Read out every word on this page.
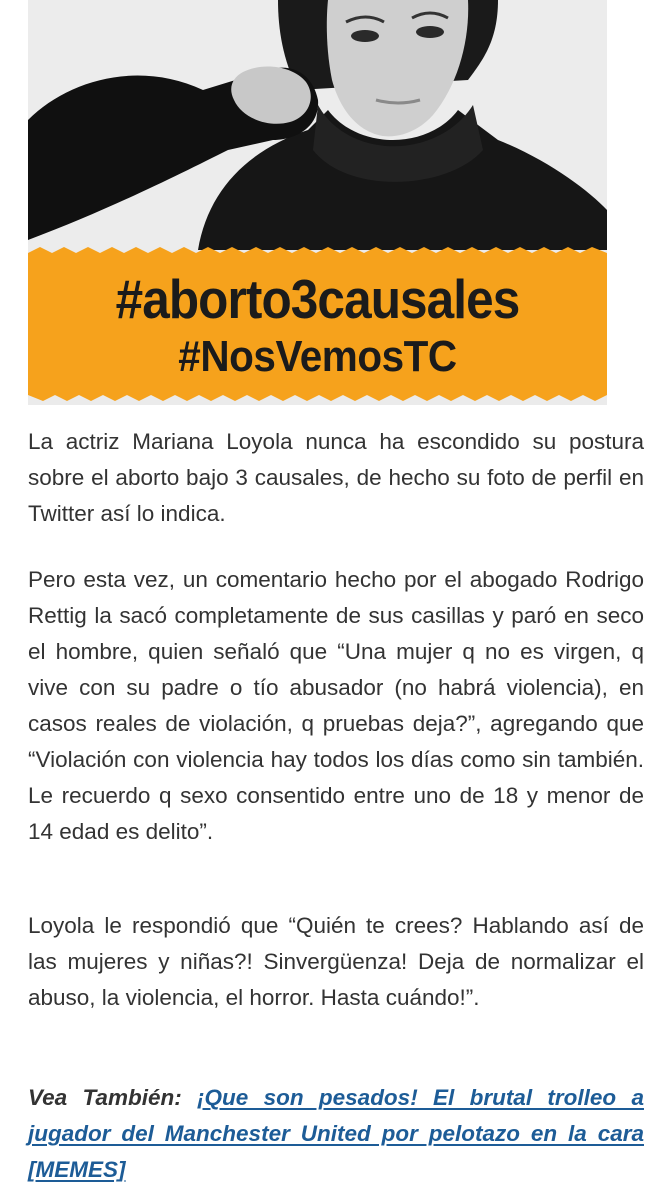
#aborto3causales
#NosVemosTC

La actriz Mariana Loyola nunca ha escondido su postura sobre el aborto bajo 3 causales, de hecho su foto de perfil en Twitter así lo indica.

Pero esta vez, un comentario hecho por el abogado Rodrigo Rettig la sacó completamente de sus casillas y paró en seco el hombre, quien señaló que “Una mujer q no es virgen, q vive con su padre o tío abusador (no habrá violencia), en casos reales de violación, q pruebas deja?”, agregando que “Violación con violencia hay todos los días como sin también. Le recuerdo q sexo consentido entre uno de 18 y menor de 14 edad es delito”.

Loyola le respondió que “Quién te crees? Hablando así de las mujeres y niñas?! Sinvergüenza! Deja de normalizar el abuso, la violencia, el horror. Hasta cuándo!”.

Vea También: ¡Que son pesados! El brutal trolleo a jugador del Manchester United por pelotazo en la cara [MEMES]
